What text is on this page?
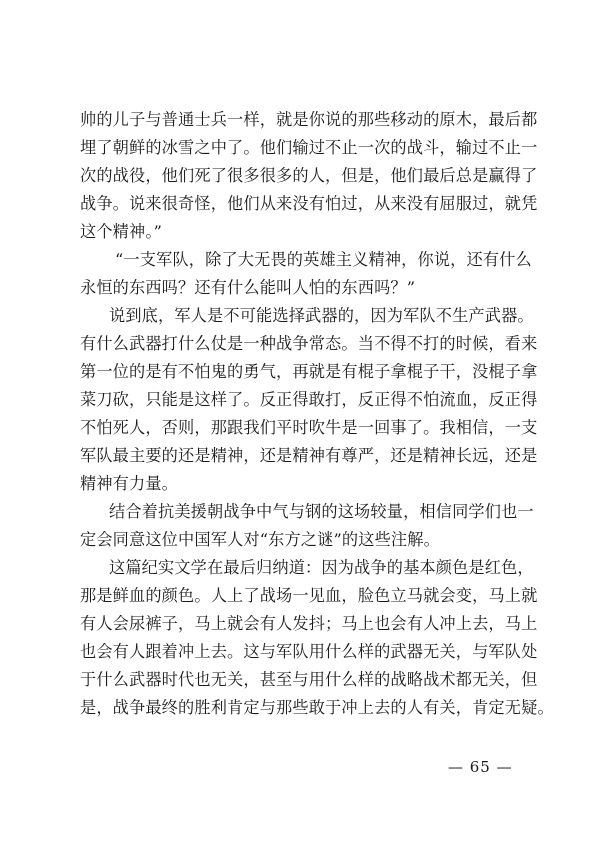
帅的儿子与普通士兵一样，就是你说的那些移动的原木，最后都
埋了朝鲜的冰雪之中了。他们输过不止一次的战斗，输过不止一
次的战役，他们死了很多很多的人，但是，他们最后总是赢得了
战争。说来很奇怪，他们从来没有怕过，从来没有屈服过，就凭
这个精神。”
“一支军队，除了大无畏的英雄主义精神，你说，还有什么
永恒的东西吗？还有什么能叫人怕的东西吗？”
说到底，军人是不可能选择武器的，因为军队不生产武器。
有什么武器打什么仗是一种战争常态。当不得不打的时候，看来
第一位的是有不怕鬼的勇气，再就是有棍子拿棍子干，没棍子拿
菜刀砍，只能是这样了。反正得敢打，反正得不怕流血，反正得
不怕死人，否则，那跟我们平时吹牛是一回事了。我相信，一支
军队最主要的还是精神，还是精神有尊严，还是精神长远，还是
精神有力量。
结合着抗美援朝战争中气与钢的这场较量，相信同学们也一
定会同意这位中国军人对“东方之谜”的这些注解。
这篇纪实文学在最后归纳道：因为战争的基本颜色是红色，
那是鲜血的颜色。人上了战场一见血，脸色立马就会变，马上就
有人会尿裤子，马上就会有人发抖；马上也会有人冲上去，马上
也会有人跟着冲上去。这与军队用什么样的武器无关，与军队处
于什么武器时代也无关，甚至与用什么样的战略战术都无关，但
是，战争最终的胜利肯定与那些敢于冲上去的人有关，肯定无疑。
— 65 —
